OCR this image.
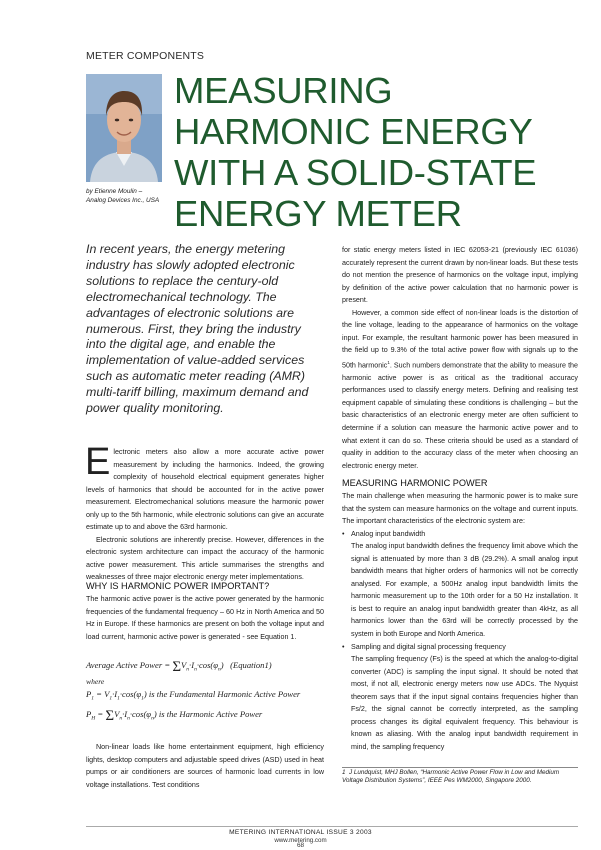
METER COMPONENTS
MEASURING
HARMONIC ENERGY
WITH A SOLID-STATE
ENERGY METER
by Etienne Moulin –
Analog Devices Inc., USA
In recent years, the energy metering industry has slowly adopted electronic solutions to replace the century-old electromechanical technology. The advantages of electronic solutions are numerous. First, they bring the industry into the digital age, and enable the implementation of value-added services such as automatic meter reading (AMR) multi-tariff billing, maximum demand and power quality monitoring.

Electronic meters also allow a more accurate active power measurement by including the harmonics. Indeed, the growing complexity of household electrical equipment generates higher levels of harmonics that should be accounted for in the active power measurement. Electromechanical solutions measure the harmonic power only up to the 5th harmonic, while electronic solutions can give an accurate estimate up to and above the 63rd harmonic.

Electronic solutions are inherently precise. However, differences in the electronic system architecture can impact the accuracy of the harmonic active power measurement. This article summarises the strengths and weaknesses of three major electronic energy meter implementations.

WHY IS HARMONIC POWER IMPORTANT?

The harmonic active power is the active power generated by the harmonic frequencies of the fundamental frequency – 60 Hz in North America and 50 Hz in Europe. If these harmonics are present on both the voltage input and load current, harmonic active power is generated - see Equation 1.

Average Active Power = $\Sigma V_n\cdot I_n\cdot\cos(\varphi_n)$   (Equation1)
where
$P_1 = V_1\cdot I_1\cdot\cos(\varphi_1)$ is the Fundamental Harmonic Active Power
$P_H = \Sigma V_n\cdot I_n\cdot\cos(\varphi_n)$ is the Harmonic Active Power

Non-linear loads like home entertainment equipment, high efficiency lights, desktop computers and adjustable speed drives (ASD) used in heat pumps or air conditioners are sources of harmonic load currents in low voltage installations. Test conditions

for static energy meters listed in IEC 62053-21 (previously IEC 61036) accurately represent the current drawn by non-linear loads. But these tests do not mention the presence of harmonics on the voltage input, implying by definition of the active power calculation that no harmonic power is present.

However, a common side effect of non-linear loads is the distortion of the line voltage, leading to the appearance of harmonics on the voltage input. For example, the resultant harmonic power has been measured in the field up to 9.3% of the total active power flow with signals up to the 50th harmonic$^1$. Such numbers demonstrate that the ability to measure the harmonic active power is as critical as the traditional accuracy performances used to classify energy meters. Defining and realising test equipment capable of simulating these conditions is challenging – but the basic characteristics of an electronic energy meter are often sufficient to determine if a solution can measure the harmonic active power and to what extent it can do so. These criteria should be used as a standard of quality in addition to the accuracy class of the meter when choosing an electronic energy meter.

MEASURING HARMONIC POWER

The main challenge when measuring the harmonic power is to make sure that the system can measure harmonics on the voltage and current inputs. The important characteristics of the electronic system are:

• Analog input bandwidth

The analog input bandwidth defines the frequency limit above which the signal is attenuated by more than 3 dB (29.2%). A small analog input bandwidth means that higher orders of harmonics will not be correctly analysed. For example, a 500Hz analog input bandwidth limits the harmonic measurement up to the 10th order for a 50 Hz installation. It is best to require an analog input bandwidth greater than 4kHz, as all harmonics lower than the 63rd will be correctly processed by the system in both Europe and North America.

• Sampling and digital signal processing frequency

The sampling frequency (Fs) is the speed at which the analog-to-digital converter (ADC) is sampling the input signal. It should be noted that most, if not all, electronic energy meters now use ADCs. The Nyquist theorem says that if the input signal contains frequencies higher than Fs/2, the signal cannot be correctly interpreted, as the sampling process changes its digital equivalent frequency. This behaviour is known as aliasing. With the analog input bandwidth requirement in mind, the sampling frequency

1 J Lundquist, MHJ Bollen, “Harmonic Active Power Flow in Low and Medium Voltage Distribution Systems”, IEEE Pes WM2000, Singapore 2000.
METERING INTERNATIONAL ISSUE 3 2003
www.metering.com
68
